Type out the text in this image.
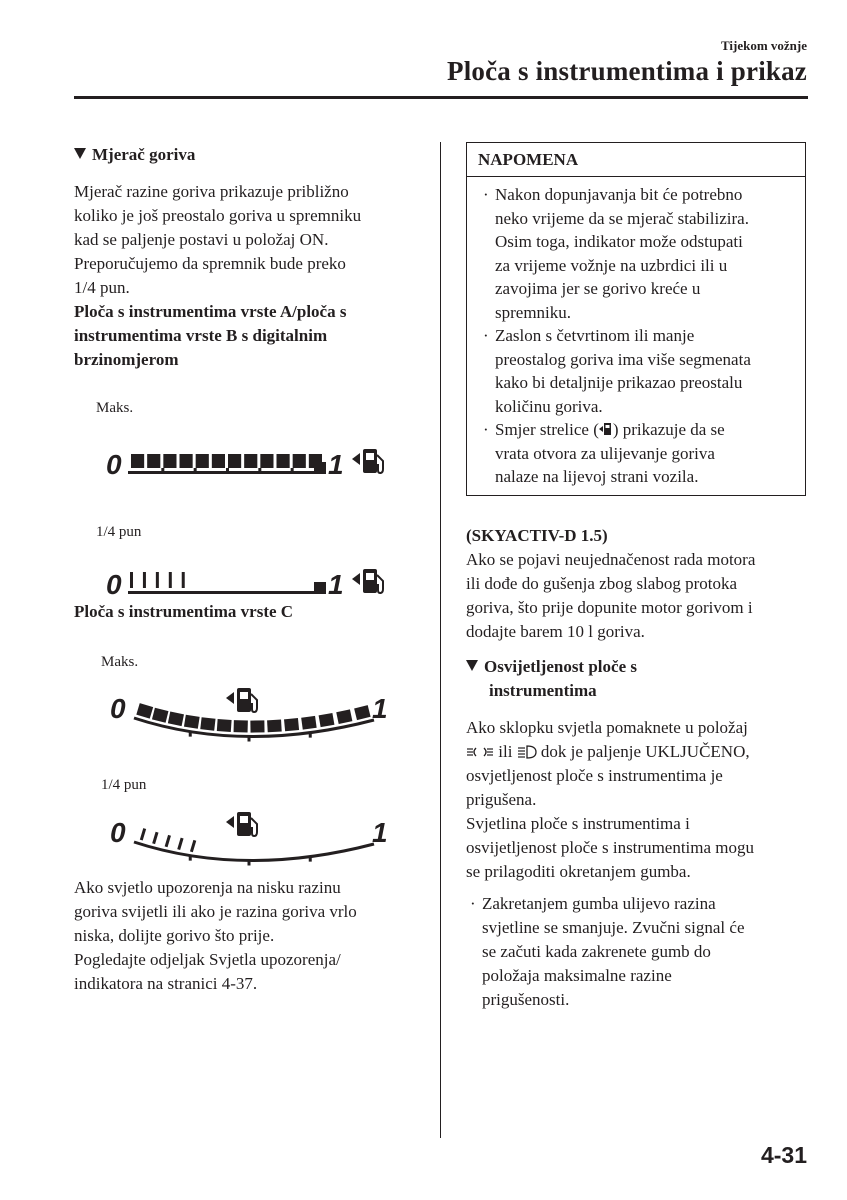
Tijekom vožnje
Ploča s instrumentima i prikaz
Mjerač goriva
Mjerač razine goriva prikazuje približno
koliko je još preostalo goriva u spremniku
kad se paljenje postavi u položaj ON.
Preporučujemo da spremnik bude preko
1/4 pun.
Ploča s instrumentima vrste A/ploča s
instrumentima vrste B s digitalnim
brzinomjerom
Maks.
0	1
1/4 pun
0	1
Ploča s instrumentima vrste C
Maks.
0	1
1/4 pun
0	1
Ako svjetlo upozorenja na nisku razinu
goriva svijetli ili ako je razina goriva vrlo
niska, dolijte gorivo što prije.
Pogledajte odjeljak Svjetla upozorenja/
indikatora na stranici 4-37.
NAPOMENA
· Nakon dopunjavanja bit će potrebno
neko vrijeme da se mjerač stabilizira.
Osim toga, indikator može odstupati
za vrijeme vožnje na uzbrdici ili u
zavojima jer se gorivo kreće u
spremniku.
· Zaslon s četvrtinom ili manje
preostalog goriva ima više segmenata
kako bi detaljnije prikazao preostalu
količinu goriva.
· Smjer strelice ( ) prikazuje da se
vrata otvora za ulijevanje goriva
nalaze na lijevoj strani vozila.
(SKYACTIV-D 1.5)
Ako se pojavi neujednačenost rada motora
ili dođe do gušenja zbog slabog protoka
goriva, što prije dopunite motor gorivom i
dodajte barem 10 l goriva.
Osvijetljenost ploče s
instrumentima
Ako sklopku svjetla pomaknete u položaj
ili dok je paljenje UKLJUČENO,
osvjetljenost ploče s instrumentima je
prigušena.
Svjetlina ploče s instrumentima i
osvijetljenost ploče s instrumentima mogu
se prilagoditi okretanjem gumba.
· Zakretanjem gumba ulijevo razina
svjetline se smanjuje. Zvučni signal će
se začuti kada zakrenete gumb do
položaja maksimalne razine
prigušenosti.
4-31
